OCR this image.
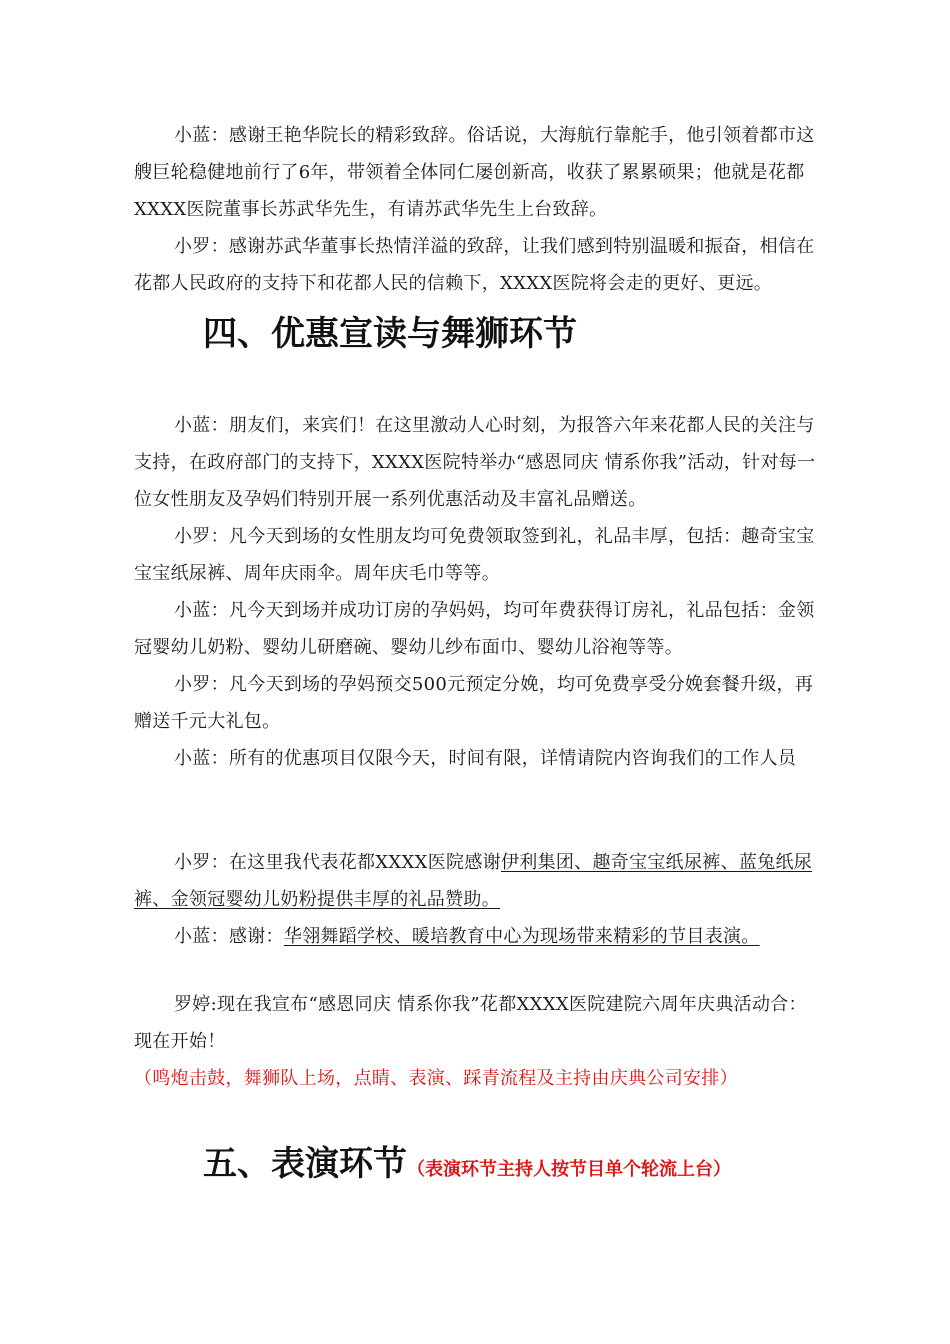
小蓝：感谢王艳华院长的精彩致辞。俗话说，大海航行靠舵手，他引领着都市这艘巨轮稳健地前行了6年，带领着全体同仁屡创新高，收获了累累硕果；他就是花都XXXX医院董事长苏武华先生，有请苏武华先生上台致辞。

小罗：感谢苏武华董事长热情洋溢的致辞，让我们感到特别温暖和振奋，相信在花都人民政府的支持下和花都人民的信赖下，XXXX医院将会走的更好、更远。

四、优惠宣读与舞狮环节

小蓝：朋友们，来宾们！在这里激动人心时刻，为报答六年来花都人民的关注与支持，在政府部门的支持下，XXXX医院特举办“感恩同庆 情系你我”活动，针对每一位女性朋友及孕妈们特别开展一系列优惠活动及丰富礼品赠送。

小罗：凡今天到场的女性朋友均可免费领取签到礼，礼品丰厚，包括：趣奇宝宝宝宝纸尿裤、周年庆雨伞。周年庆毛巾等等。

小蓝：凡今天到场并成功订房的孕妈妈，均可年费获得订房礼，礼品包括：金领冠婴幼儿奶粉、婴幼儿研磨碗、婴幼儿纱布面巾、婴幼儿浴袍等等。

小罗：凡今天到场的孕妈预交500元预定分娩，均可免费享受分娩套餐升级，再赠送千元大礼包。

小蓝：所有的优惠项目仅限今天，时间有限，详情请院内咨询我们的工作人员

小罗：在这里我代表花都XXXX医院感谢伊利集团、趣奇宝宝纸尿裤、蓝兔纸尿裤、金领冠婴幼儿奶粉提供丰厚的礼品赞助。

小蓝：感谢：华翎舞蹈学校、暖培教育中心为现场带来精彩的节目表演。

罗婷:现在我宣布“感恩同庆 情系你我”花都XXXX医院建院六周年庆典活动合：现在开始！（鸣炮击鼓，舞狮队上场，点睛、表演、踩青流程及主持由庆典公司安排）

五、表演环节（表演环节主持人按节目单个轮流上台）
